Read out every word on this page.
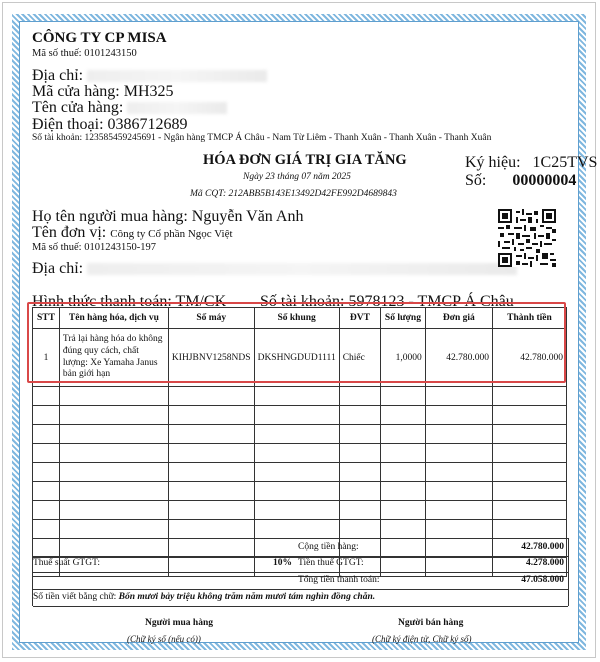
CÔNG TY CP MISA
Mã số thuế: 0101243150
Địa chỉ:
Mã cửa hàng: MH325
Tên cửa hàng:
Điện thoại: 0386712689
Số tài khoản: 123585459245691 - Ngân hàng TMCP Á Châu - Nam Từ Liêm - Thanh Xuân - Thanh Xuân - Thanh Xuân
HÓA ĐƠN GIÁ TRỊ GIA TĂNG
Ngày 23 tháng 07 năm 2025
Mã CQT: 212ABB5B143E13492D42FE992D4689843
Ký hiệu: 1C25TVS
Số: 00000004
Họ tên người mua hàng: Nguyễn Văn Anh
Tên đơn vị: Công ty Cổ phần Ngọc Việt
Mã số thuế: 0101243150-197
Địa chỉ:
Hình thức thanh toán: TM/CK Số tài khoản: 5978123 - TMCP Á Châu
STT	Tên hàng hóa, dịch vụ	Số máy	Số khung	ĐVT	Số lượng	Đơn giá	Thành tiền
1	Trả lại hàng hóa do không đúng quy cách, chất lượng: Xe Yamaha Janus bản giới hạn	KIHJBNV1258NDS	DKSHNGDUD1111	Chiếc	1,0000	42.780.000	42.780.000

Cộng tiền hàng:	42.780.000
Thuế suất GTGT:	10% Tiền thuế GTGT:	4.278.000
Tổng tiền thanh toán:	47.058.000
Số tiền viết bằng chữ: Bốn mươi bảy triệu không trăm năm mươi tám nghìn đồng chẵn.
Người mua hàng
(Chữ ký số (nếu có))
Người bán hàng
(Chữ ký điện tử, Chữ ký số)
